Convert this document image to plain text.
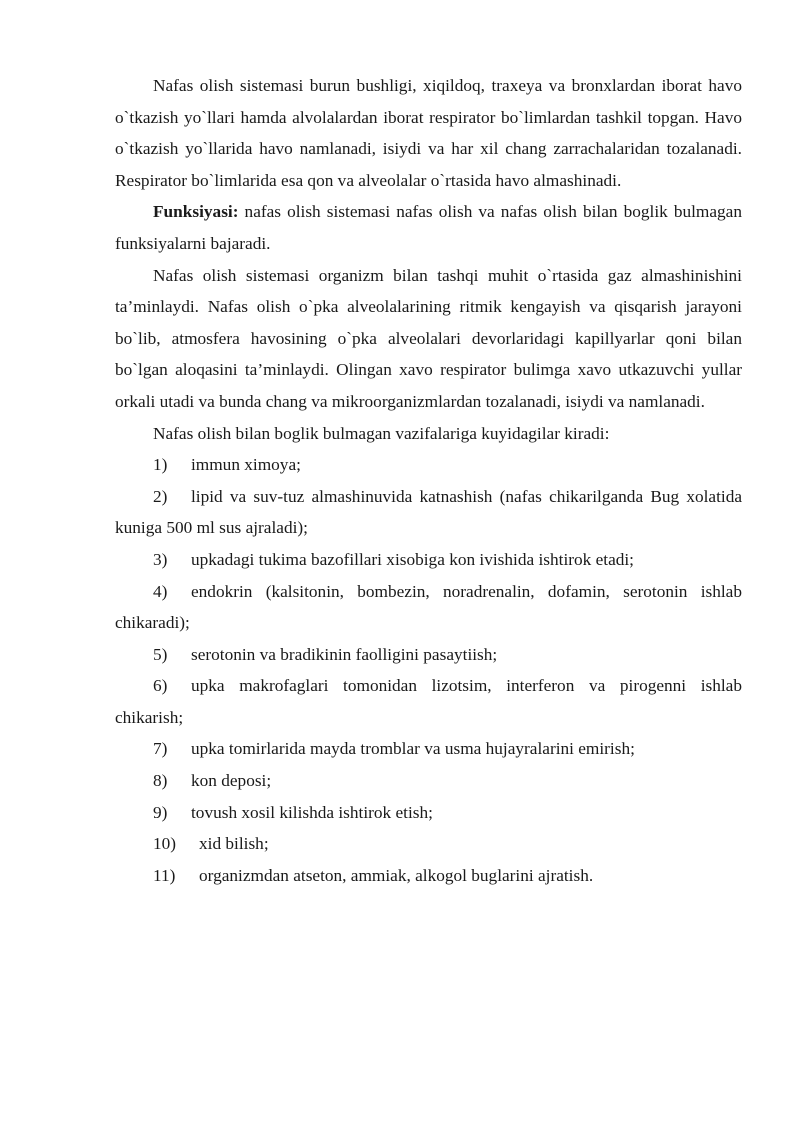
Nafas olish sistemasi burun bushligi, xiqildoq, traxeya va bronxlardan iborat havo o`tkazish yo`llari hamda alvolalardan iborat respirator bo`limlardan tashkil topgan. Havo o`tkazish yo`llarida havo namlanadi, isiydi va har xil chang zarrachalaridan tozalanadi. Respirator bo`limlarida esa qon va alveolalar o`rtasida havo almashinadi.

Funksiyasi: nafas olish sistemasi nafas olish va nafas olish bilan boglik bulmagan funksiyalarni bajaradi.

Nafas olish sistemasi organizm bilan tashqi muhit o`rtasida gaz almashinishini ta’minlaydi. Nafas olish o`pka alveolalarining ritmik kengayish va qisqarish jarayoni bo`lib, atmosfera havosining o`pka alveolalari devorlaridagi kapillyarlar qoni bilan bo`lgan aloqasini ta’minlaydi. Olingan xavo respirator bulimga xavo utkazuvchi yullar orkali utadi va bunda chang va mikroorganizmlardan tozalanadi, isiydi va namlanadi.

Nafas olish bilan boglik bulmagan vazifalariga kuyidagilar kiradi:

1) immun ximoya;

2) lipid va suv-tuz almashinuvida katnashish (nafas chikarilganda Bug xolatida kuniga 500 ml sus ajraladi);

3) upkadagi tukima bazofillari xisobiga kon ivishida ishtirok etadi;

4) endokrin (kalsitonin, bombezin, noradrenalin, dofamin, serotonin ishlab chikaradi);

5) serotonin va bradikinin faolligini pasaytiish;

6) upka makrofaglari tomonidan lizotsim, interferon va pirogenni ishlab chikarish;

7) upka tomirlarida mayda tromblar va usma hujayralarini emirish;

8) kon deposi;

9) tovush xosil kilishda ishtirok etish;

10) xid bilish;

11) organizmdan atseton, ammiak, alkogol buglarini ajratish.
